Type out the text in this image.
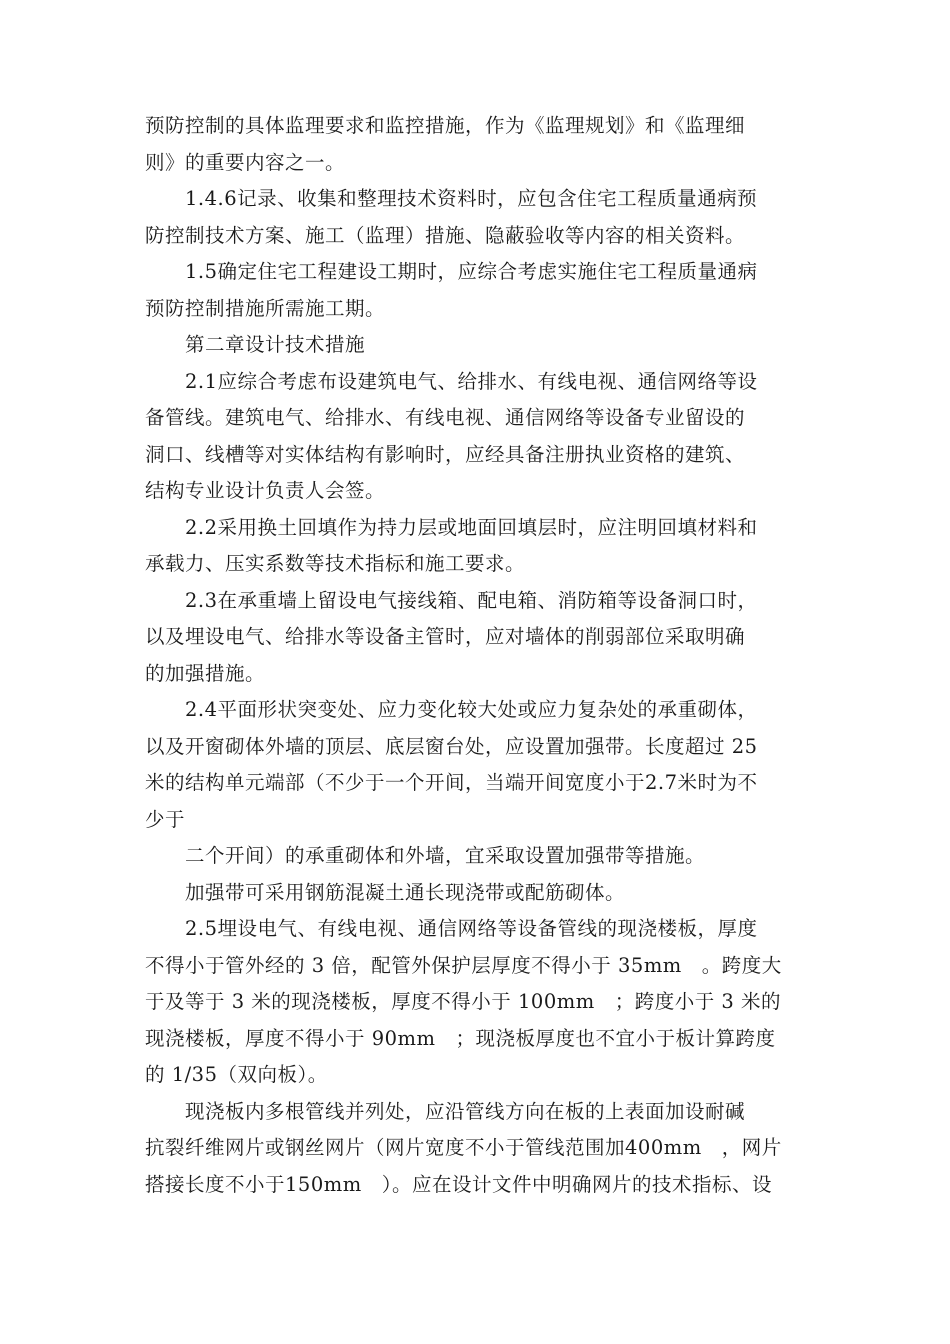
预防控制的具体监理要求和监控措施，作为《监理规划》和《监理细

则》的重要内容之一。

　　1.4.6记录、收集和整理技术资料时，应包含住宅工程质量通病预

防控制技术方案、施工（监理）措施、隐蔽验收等内容的相关资料。

　　1.5确定住宅工程建设工期时，应综合考虑实施住宅工程质量通病

预防控制措施所需施工期。

　　第二章设计技术措施

　　2.1应综合考虑布设建筑电气、给排水、有线电视、通信网络等设

备管线。建筑电气、给排水、有线电视、通信网络等设备专业留设的

洞口、线槽等对实体结构有影响时，应经具备注册执业资格的建筑、

结构专业设计负责人会签。

　　2.2采用换土回填作为持力层或地面回填层时，应注明回填材料和

承载力、压实系数等技术指标和施工要求。

　　2.3在承重墙上留设电气接线箱、配电箱、消防箱等设备洞口时，

以及埋设电气、给排水等设备主管时，应对墙体的削弱部位采取明确

的加强措施。

　　2.4平面形状突变处、应力变化较大处或应力复杂处的承重砌体，

以及开窗砌体外墙的顶层、底层窗台处，应设置加强带。长度超过 25

米的结构单元端部（不少于一个开间，当端开间宽度小于2.7米时为不

少于

　　二个开间）的承重砌体和外墙，宜采取设置加强带等措施。

　　加强带可采用钢筋混凝土通长现浇带或配筋砌体。

　　2.5埋设电气、有线电视、通信网络等设备管线的现浇楼板，厚度

不得小于管外经的 3 倍，配管外保护层厚度不得小于 35mm　。跨度大

于及等于 3 米的现浇楼板，厚度不得小于 100mm　；跨度小于 3 米的

现浇楼板，厚度不得小于 90mm　；现浇板厚度也不宜小于板计算跨度

的 1/35（双向板）。

　　现浇板内多根管线并列处，应沿管线方向在板的上表面加设耐碱

抗裂纤维网片或钢丝网片（网片宽度不小于管线范围加400mm　，网片

搭接长度不小于150mm　）。应在设计文件中明确网片的技术指标、设
